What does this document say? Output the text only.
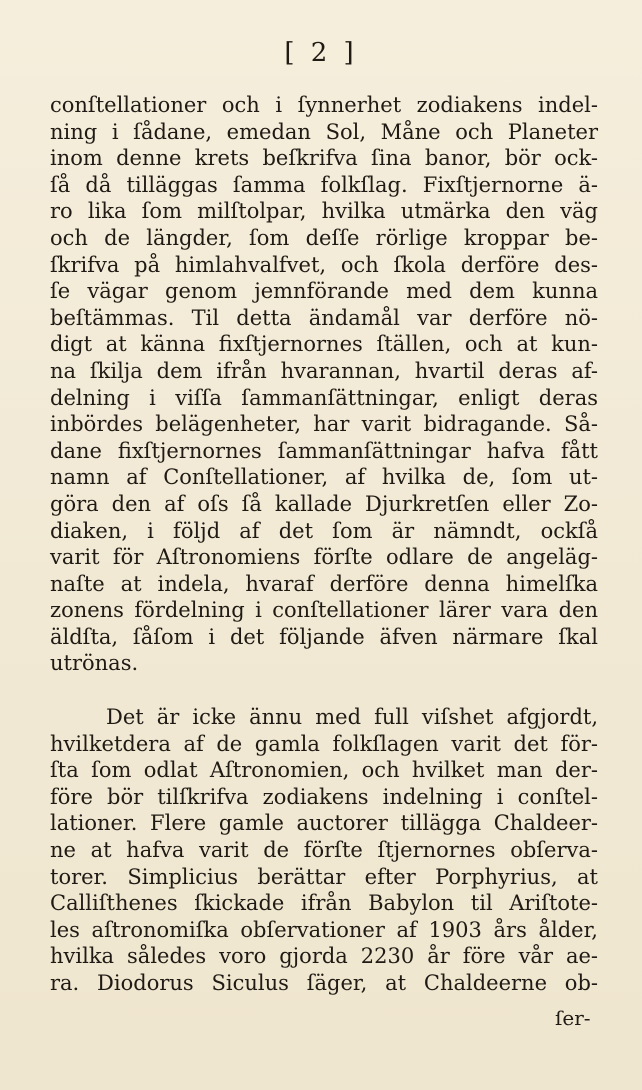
[ 2 ]
conſtellationer och i ſynnerhet zodiakens indel-
ning i ſådane, emedan Sol, Måne och Planeter
inom denne krets beſkrifva ſina banor, bör ock-
ſå då tilläggas ſamma folkſlag. Fixſtjernorne ä-
ro lika ſom milſtolpar, hvilka utmärka den väg
och de längder, ſom deſſe rörlige kroppar be-
ſkrifva på himlahvalfvet, och ſkola derföre des-
ſe vägar genom jemnförande med dem kunna
beſtämmas. Til detta ändamål var derföre nö-
digt at känna fixſtjernornes ſtällen, och at kun-
na ſkilja dem ifrån hvarannan, hvartil deras af-
delning i viſſa ſammanſättningar, enligt deras
inbördes belägenheter, har varit bidragande. Så-
dane fixſtjernornes ſammanſättningar hafva fått
namn af Conſtellationer, af hvilka de, ſom ut-
göra den af oſs ſå kallade Djurkretſen eller Zo-
diaken, i följd af det ſom är nämndt, ockſå
varit för Aſtronomiens förſte odlare de angeläg-
naſte at indela, hvaraf derföre denna himelſka
zonens fördelning i conſtellationer lärer vara den
äldſta, ſåſom i det följande äfven närmare ſkal
utrönas.
Det är icke ännu med full viſshet afgjordt,
hvilketdera af de gamla folkſlagen varit det för-
ſta ſom odlat Aſtronomien, och hvilket man der-
före bör tilſkrifva zodiakens indelning i conſtel-
lationer. Flere gamle auctorer tillägga Chaldeer-
ne at hafva varit de förſte ſtjernornes obſerva-
torer. Simplicius berättar efter Porphyrius, at
Calliſthenes ſkickade ifrån Babylon til Ariſtote-
les aſtronomiſka obſervationer af 1903 års ålder,
hvilka således voro gjorda 2230 år före vår ae-
ra. Diodorus Siculus ſäger, at Chaldeerne ob-
ſer-
